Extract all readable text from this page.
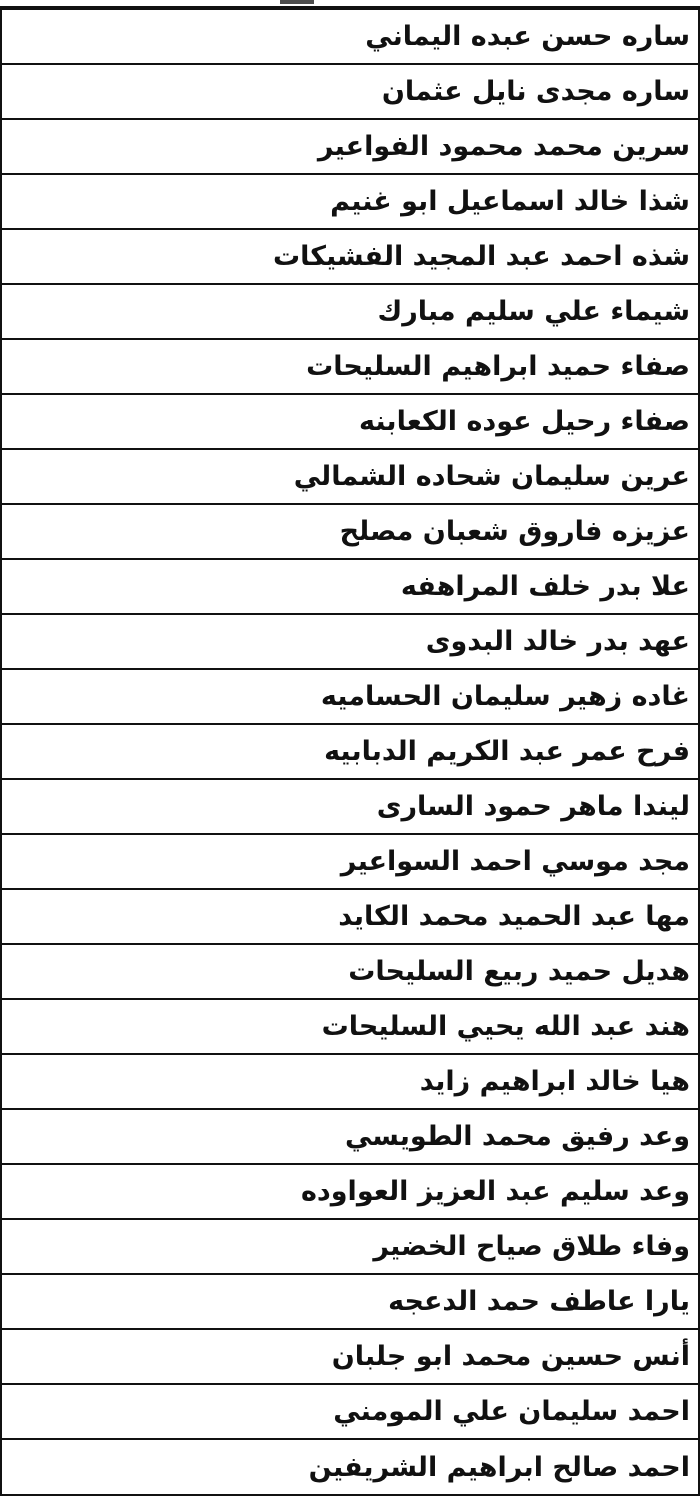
ساره حسن عبده اليماني
ساره مجدى نايل عثمان
سرين محمد محمود الفواعير
شذا خالد اسماعيل ابو غنيم
شذه احمد عبد المجيد الفشيكات
شيماء علي سليم مبارك
صفاء حميد ابراهيم السليحات
صفاء رحيل عوده الكعابنه
عرين سليمان شحاده الشمالي
عزيزه فاروق شعبان مصلح
علا بدر خلف المراهفه
عهد بدر خالد البدوى
غاده زهير سليمان الحساميه
فرح عمر عبد الكريم الدبابيه
ليندا ماهر حمود السارى
مجد موسي احمد السواعير
مها عبد الحميد محمد الكايد
هديل حميد ربيع السليحات
هند عبد الله يحيي السليحات
هيا خالد ابراهيم زايد
وعد رفيق محمد الطويسي
وعد سليم عبد العزيز العواوده
وفاء طلاق صياح الخضير
يارا عاطف حمد الدعجه
أنس حسين محمد ابو جلبان
احمد سليمان علي المومني
احمد صالح ابراهيم الشريفين
